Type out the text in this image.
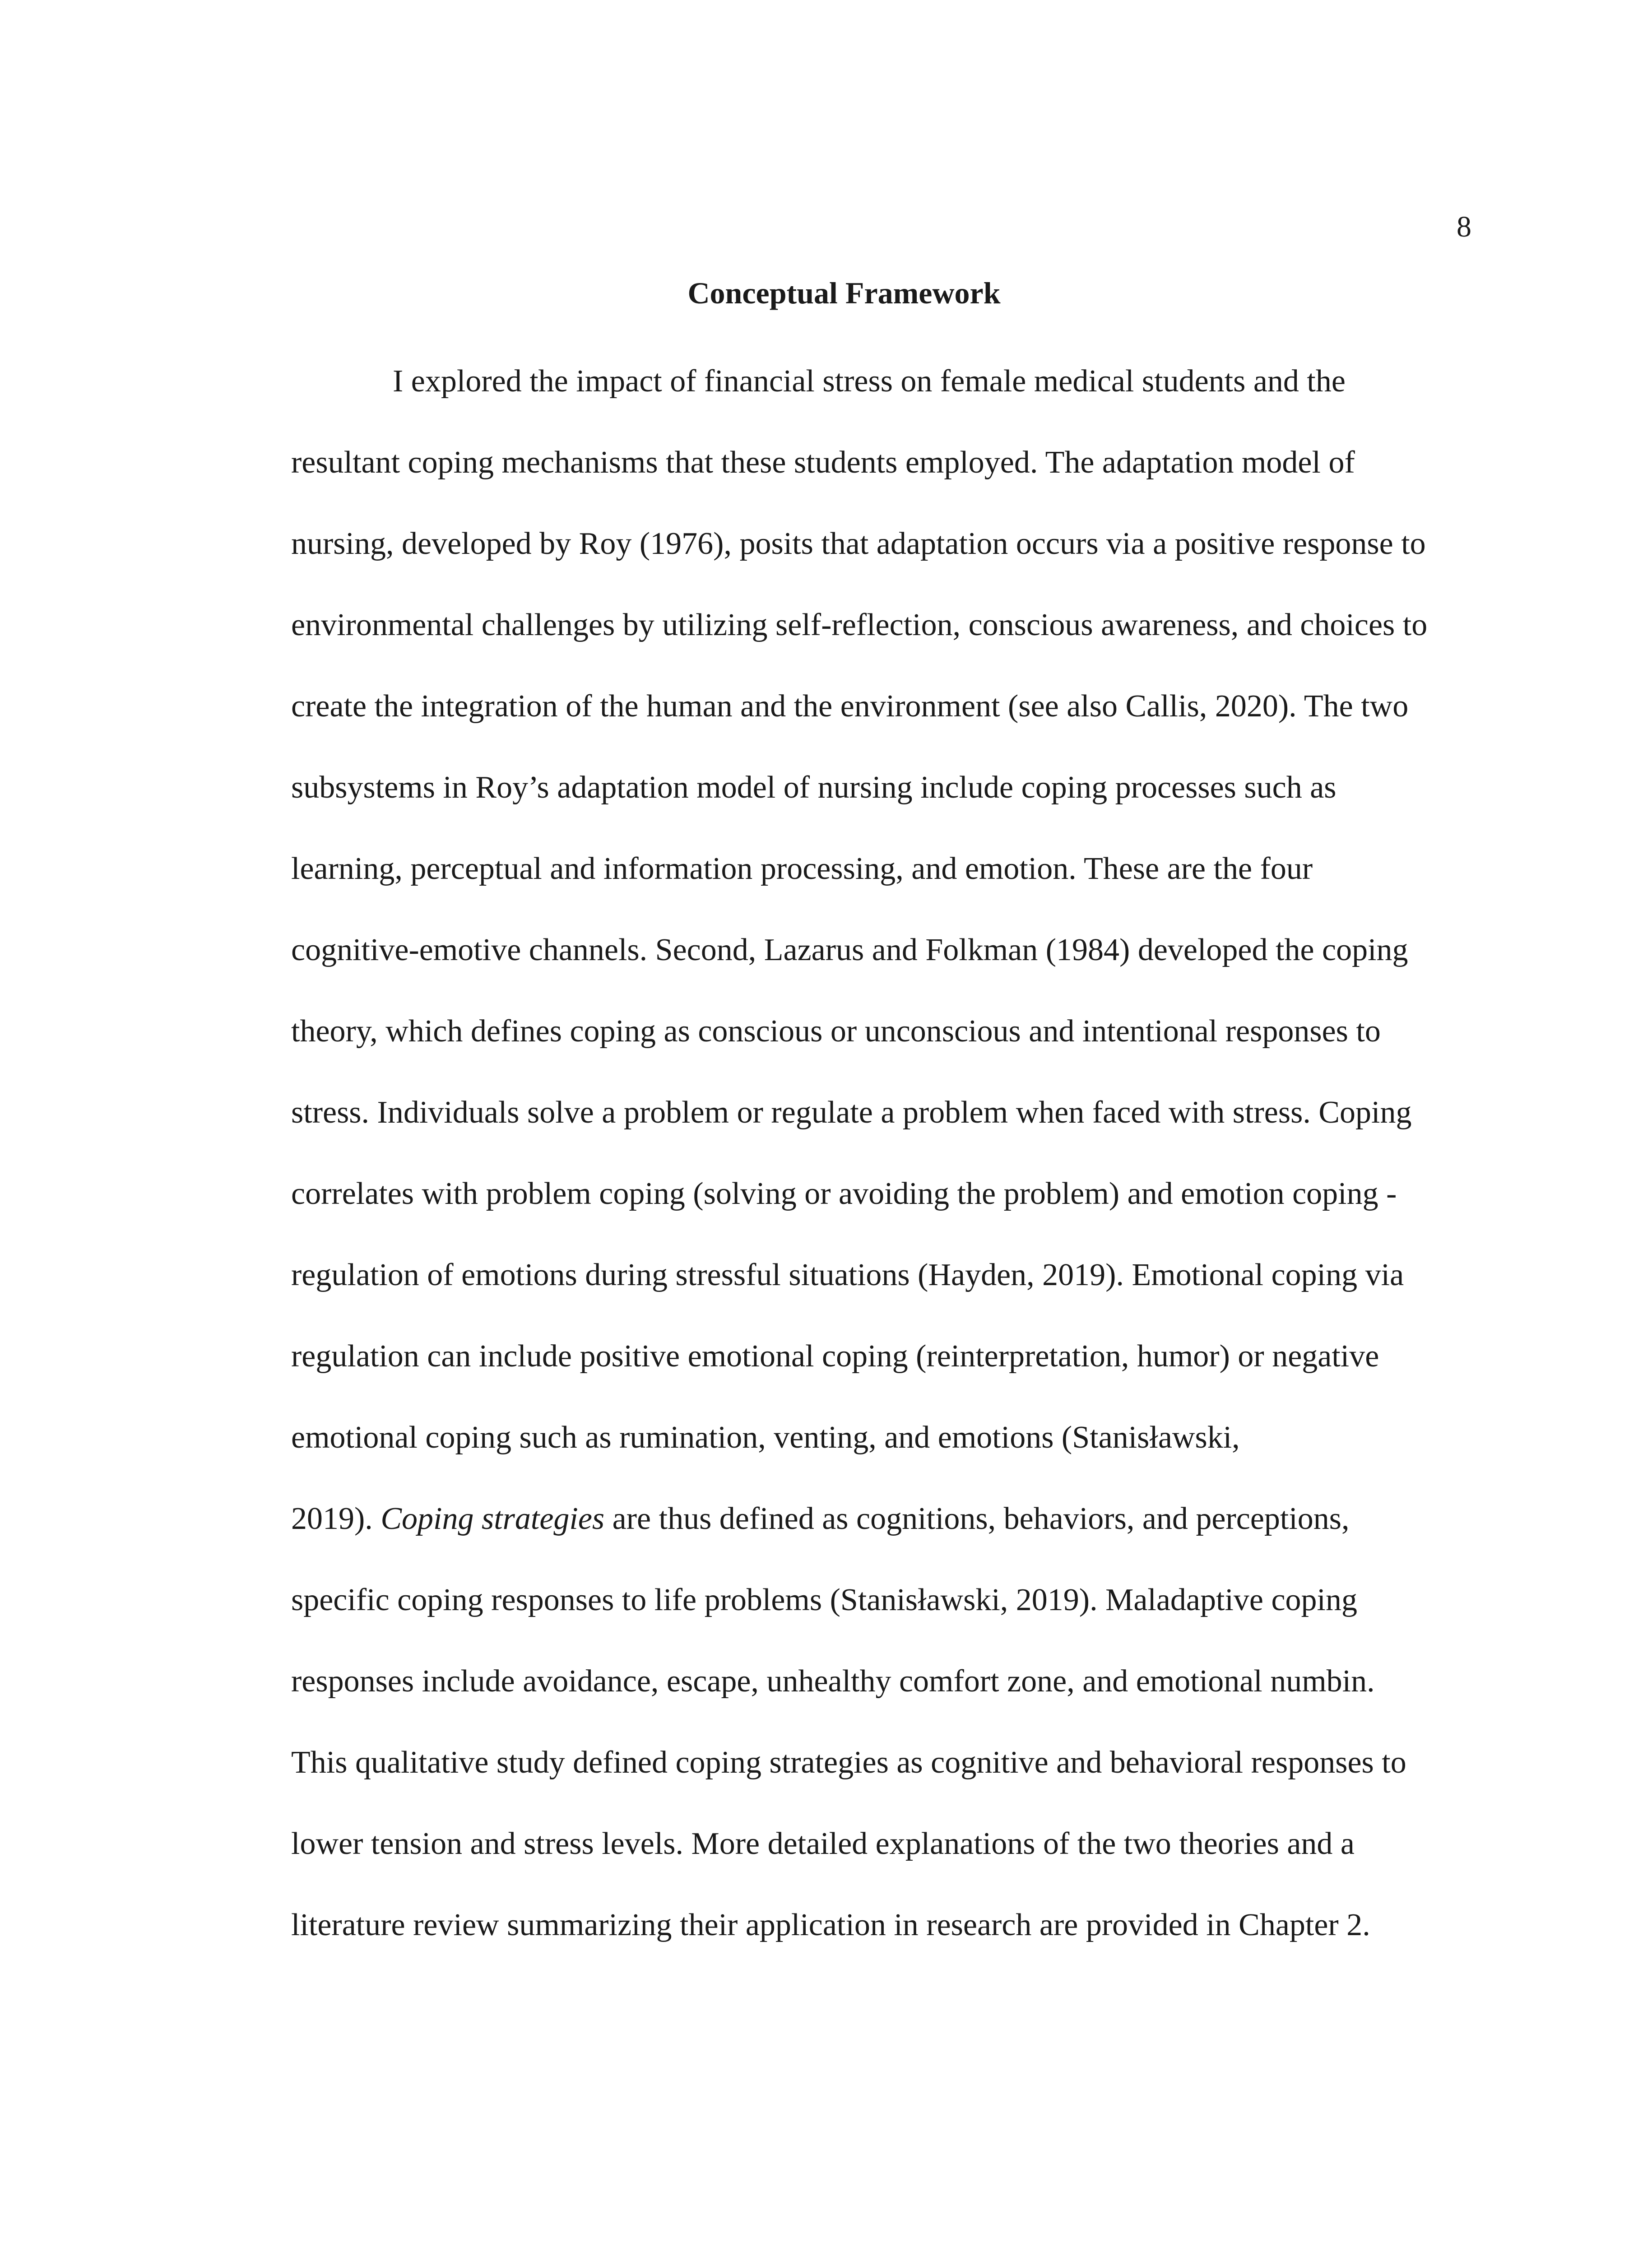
8
Conceptual Framework
I explored the impact of financial stress on female medical students and the
resultant coping mechanisms that these students employed. The adaptation model of
nursing, developed by Roy (1976), posits that adaptation occurs via a positive response to
environmental challenges by utilizing self-reflection, conscious awareness, and choices to
create the integration of the human and the environment (see also Callis, 2020). The two
subsystems in Roy’s adaptation model of nursing include coping processes such as
learning, perceptual and information processing, and emotion. These are the four
cognitive-emotive channels. Second, Lazarus and Folkman (1984) developed the coping
theory, which defines coping as conscious or unconscious and intentional responses to
stress. Individuals solve a problem or regulate a problem when faced with stress. Coping
correlates with problem coping (solving or avoiding the problem) and emotion coping -
regulation of emotions during stressful situations (Hayden, 2019). Emotional coping via
regulation can include positive emotional coping (reinterpretation, humor) or negative
emotional coping such as rumination, venting, and emotions (Stanisławski,
2019). Coping strategies are thus defined as cognitions, behaviors, and perceptions,
specific coping responses to life problems (Stanisławski, 2019). Maladaptive coping
responses include avoidance, escape, unhealthy comfort zone, and emotional numbin.
This qualitative study defined coping strategies as cognitive and behavioral responses to
lower tension and stress levels. More detailed explanations of the two theories and a
literature review summarizing their application in research are provided in Chapter 2.
